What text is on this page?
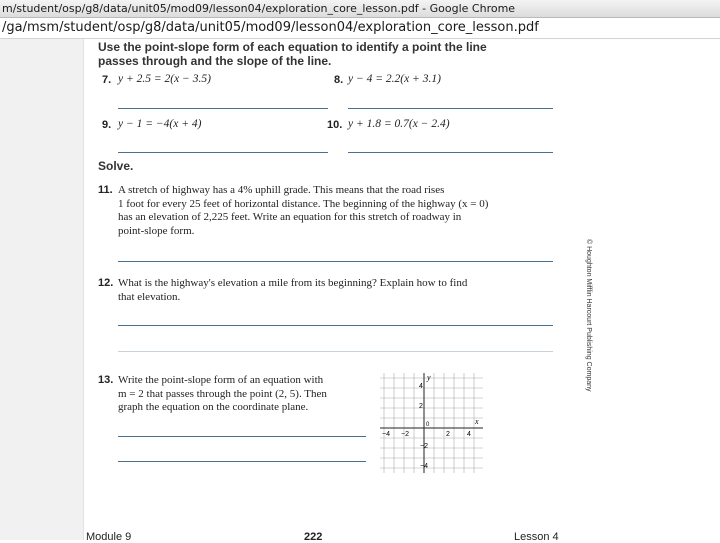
m/student/osp/g8/data/unit05/mod09/lesson04/exploration_core_lesson.pdf - Google Chrome
/ga/msm/student/osp/g8/data/unit05/mod09/lesson04/exploration_core_lesson.pdf
Use the point-slope form of each equation to identify a point the line
passes through and the slope of the line.
7. y + 2.5 = 2(x − 3.5)	8. y − 4 = 2.2(x + 3.1)
9. y − 1 = −4(x + 4)	10. y + 1.8 = 0.7(x − 2.4)
Solve.
11. A stretch of highway has a 4% uphill grade. This means that the road rises
1 foot for every 25 feet of horizontal distance. The beginning of the highway (x = 0)
has an elevation of 2,225 feet. Write an equation for this stretch of roadway in
point-slope form.
12. What is the highway's elevation a mile from its beginning? Explain how to find
that elevation.
13. Write the point-slope form of an equation with
m = 2 that passes through the point (2, 5). Then
graph the equation on the coordinate plane.
Module 9	222	Lesson 4
x
y
−4 −2	2 4
4
2
−2
−4
0
© Houghton Mifflin Harcourt Publishing Company
